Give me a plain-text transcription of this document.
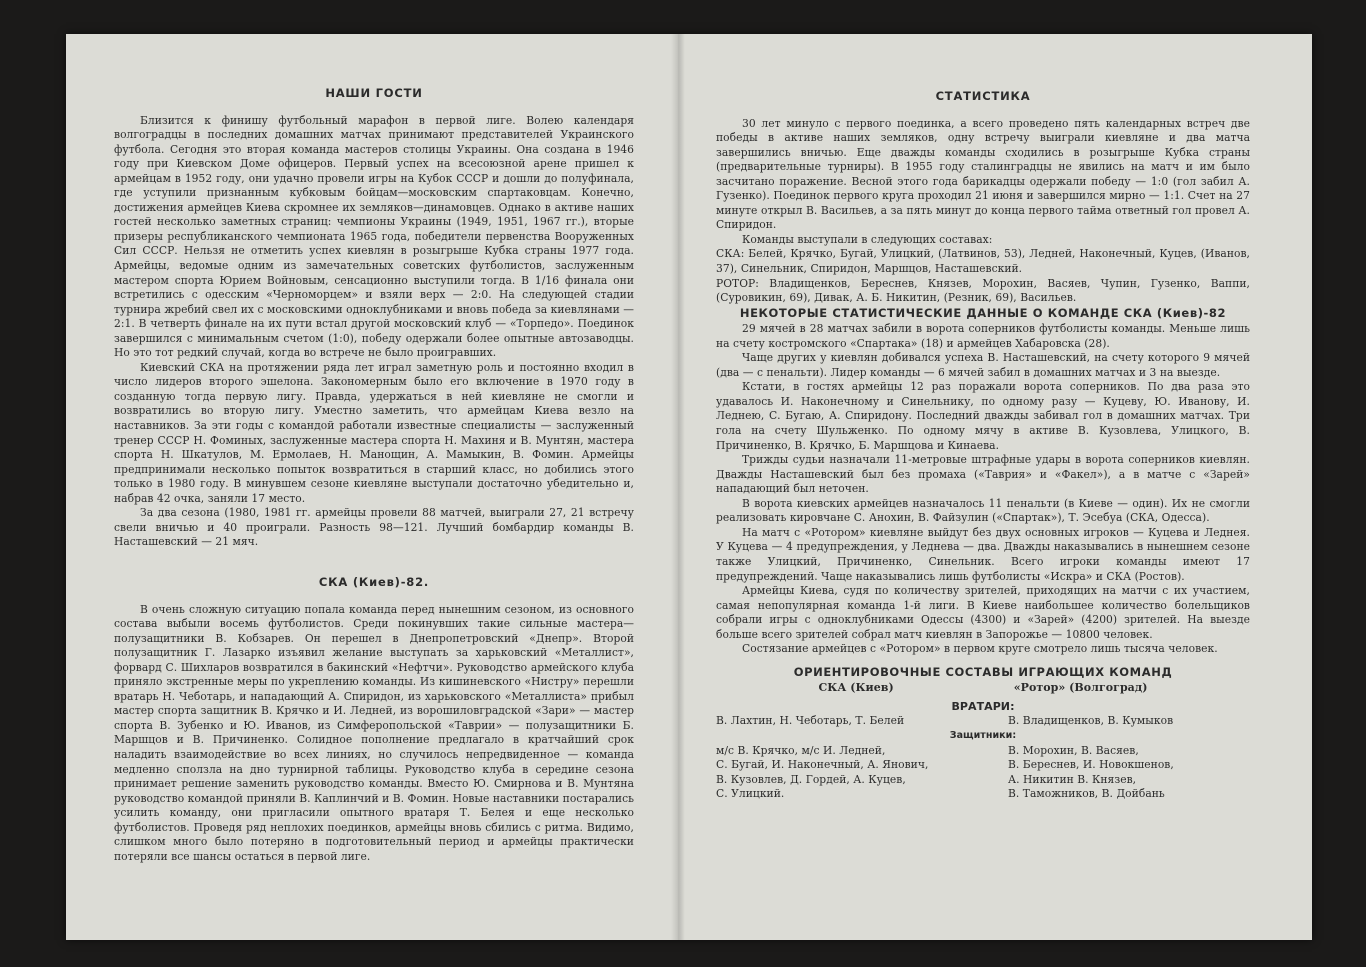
НАШИ ГОСТИ

Близится к финишу футбольный марафон в первой лиге. Волею календаря волгоградцы в последних домашних матчах принимают представителей Украинского футбола. Сегодня это вторая команда мастеров столицы Украины. Она создана в 1946 году при Киевском Доме офицеров. Первый успех на всесоюзной арене пришел к армейцам в 1952 году, они удачно провели игры на Кубок СССР и дошли до полуфинала, где уступили признанным кубковым бойцам—московским спартаковцам. Конечно, достижения армейцев Киева скромнее их земляков—динамовцев. Однако в активе наших гостей несколько заметных страниц: чемпионы Украины (1949, 1951, 1967 гг.), вторые призеры республиканского чемпионата 1965 года, победители первенства Вооруженных Сил СССР. Нельзя не отметить успех киевлян в розыгрыше Кубка страны 1977 года. Армейцы, ведомые одним из замечательных советских футболистов, заслуженным мастером спорта Юрием Войновым, сенсационно выступили тогда. В 1/16 финала они встретились с одесским «Черноморцем» и взяли верх — 2:0. На следующей стадии турнира жребий свел их с московскими одноклубниками и вновь победа за киевлянами — 2:1. В четверть финале на их пути встал другой московский клуб — «Торпедо». Поединок завершился с минимальным счетом (1:0), победу одержали более опытные автозаводцы. Но это тот редкий случай, когда во встрече не было проигравших.

Киевский СКА на протяжении ряда лет играл заметную роль и постоянно входил в число лидеров второго эшелона. Закономерным было его включение в 1970 году в созданную тогда первую лигу. Правда, удержаться в ней киевляне не смогли и возвратились во вторую лигу. Уместно заметить, что армейцам Киева везло на наставников. За эти годы с командой работали известные специалисты — заслуженный тренер СССР Н. Фоминых, заслуженные мастера спорта Н. Махиня и В. Мунтян, мастера спорта Н. Шкатулов, М. Ермолаев, Н. Манощин, А. Мамыкин, В. Фомин. Армейцы предпринимали несколько попыток возвратиться в старший класс, но добились этого только в 1980 году. В минувшем сезоне киевляне выступали достаточно убедительно и, набрав 42 очка, заняли 17 место.

За два сезона (1980, 1981 гг. армейцы провели 88 матчей, выиграли 27, 21 встречу свели вничью и 40 проиграли. Разность 98—121. Лучший бомбардир команды В. Насташевский — 21 мяч.

СКА (Киев)-82.

В очень сложную ситуацию попала команда перед нынешним сезоном, из основного состава выбыли восемь футболистов. Среди покинувших такие сильные мастера—полузащитники В. Кобзарев. Он перешел в Днепропетровский «Днепр». Второй полузащитник Г. Лазарко изъявил желание выступать за харьковский «Металлист», форвард С. Шихларов возвратился в бакинский «Нефтчи». Руководство армейского клуба приняло экстренные меры по укреплению команды. Из кишиневского «Нистру» перешли вратарь Н. Чеботарь, и нападающий А. Спиридон, из харьковского «Металлиста» прибыл мастер спорта защитник В. Крячко и И. Ледней, из ворошиловградской «Зари» — мастер спорта В. Зубенко и Ю. Иванов, из Симферопольской «Таврии» — полузащитники Б. Маршцов и В. Причиненко. Солидное пополнение предлагало в кратчайший срок наладить взаимодействие во всех линиях, но случилось непредвиденное — команда медленно сползла на дно турнирной таблицы. Руководство клуба в середине сезона принимает решение заменить руководство команды. Вместо Ю. Смирнова и В. Мунтяна руководство командой приняли В. Каплинчий и В. Фомин. Новые наставники постарались усилить команду, они пригласили опытного вратаря Т. Белея и еще несколько футболистов. Проведя ряд неплохих поединков, армейцы вновь сбились с ритма. Видимо, слишком много было потеряно в подготовительный период и армейцы практически потеряли все шансы остаться в первой лиге.

СТАТИСТИКА

30 лет минуло с первого поединка, а всего проведено пять календарных встреч две победы в активе наших земляков, одну встречу выиграли киевляне и два матча завершились вничью. Еще дважды команды сходились в розыгрыше Кубка страны (предварительные турниры). В 1955 году сталинградцы не явились на матч и им было засчитано поражение. Весной этого года барикадцы одержали победу — 1:0 (гол забил А. Гузенко). Поединок первого круга проходил 21 июня и завершился мирно — 1:1. Счет на 27 минуте открыл В. Васильев, а за пять минут до конца первого тайма ответный гол провел А. Спиридон.

Команды выступали в следующих составах:

СКА: Белей, Крячко, Бугай, Улицкий, (Латвинов, 53), Ледней, Наконечный, Куцев, (Иванов, 37), Синельник, Спиридон, Маршцов, Насташевский.

РОТОР: Владищенков, Береснев, Князев, Морохин, Васяев, Чупин, Гузенко, Ваппи, (Суровикин, 69), Дивак, А. Б. Никитин, (Резник, 69), Васильев.

НЕКОТОРЫЕ СТАТИСТИЧЕСКИЕ ДАННЫЕ О КОМАНДЕ СКА (Киев)-82

29 мячей в 28 матчах забили в ворота соперников футболисты команды. Меньше лишь на счету костромского «Спартака» (18) и армейцев Хабаровска (28).

Чаще других у киевлян добивался успеха В. Насташевский, на счету которого 9 мячей (два — с пенальти). Лидер команды — 6 мячей забил в домашних матчах и 3 на выезде.

Кстати, в гостях армейцы 12 раз поражали ворота соперников. По два раза это удавалось И. Наконечному и Синельнику, по одному разу — Куцеву, Ю. Иванову, И. Леднею, С. Бугаю, А. Спиридону. Последний дважды забивал гол в домашних матчах. Три гола на счету Шульженко. По одному мячу в активе В. Кузовлева, Улицкого, В. Причиненко, В. Крячко, Б. Маршцова и Кинаева.

Трижды судьи назначали 11-метровые штрафные удары в ворота соперников киевлян. Дважды Насташевский был без промаха («Таврия» и «Факел»), а в матче с «Зарей» нападающий был неточен.

В ворота киевских армейцев назначалось 11 пенальти (в Киеве — один). Их не смогли реализовать кировчане С. Анохин, В. Файзулин («Спартак»), Т. Эсебуа (СКА, Одесса).

На матч с «Ротором» киевляне выйдут без двух основных игроков — Куцева и Леднея. У Куцева — 4 предупреждения, у Леднева — два. Дважды наказывались в нынешнем сезоне также Улицкий, Причиненко, Синельник. Всего игроки команды имеют 17 предупреждений. Чаще наказывались лишь футболисты «Искра» и СКА (Ростов).

Армейцы Киева, судя по количеству зрителей, приходящих на матчи с их участием, самая непопулярная команда 1-й лиги. В Киеве наибольшее количество болельщиков собрали игры с одноклубниками Одессы (4300) и «Зарей» (4200) зрителей. На выезде больше всего зрителей собрал матч киевлян в Запорожье — 10800 человек.

Состязание армейцев с «Ротором» в первом круге смотрело лишь тысяча человек.

ОРИЕНТИРОВОЧНЫЕ СОСТАВЫ ИГРАЮЩИХ КОМАНД
СКА (Киев)	«Ротор» (Волгоград)
ВРАТАРИ:
В. Лахтин, Н. Чеботарь, Т. Белей	В. Владищенков, В. Кумыков
Защитники:
м/с В. Крячко, м/с И. Ледней,
С. Бугай, И. Наконечный, А. Янович,
В. Кузовлев, Д. Гордей, А. Куцев,
С. Улицкий.
В. Морохин, В. Васяев,
В. Береснев, И. Новокшенов,
А. Никитин В. Князев,
В. Таможников, В. Дойбань
